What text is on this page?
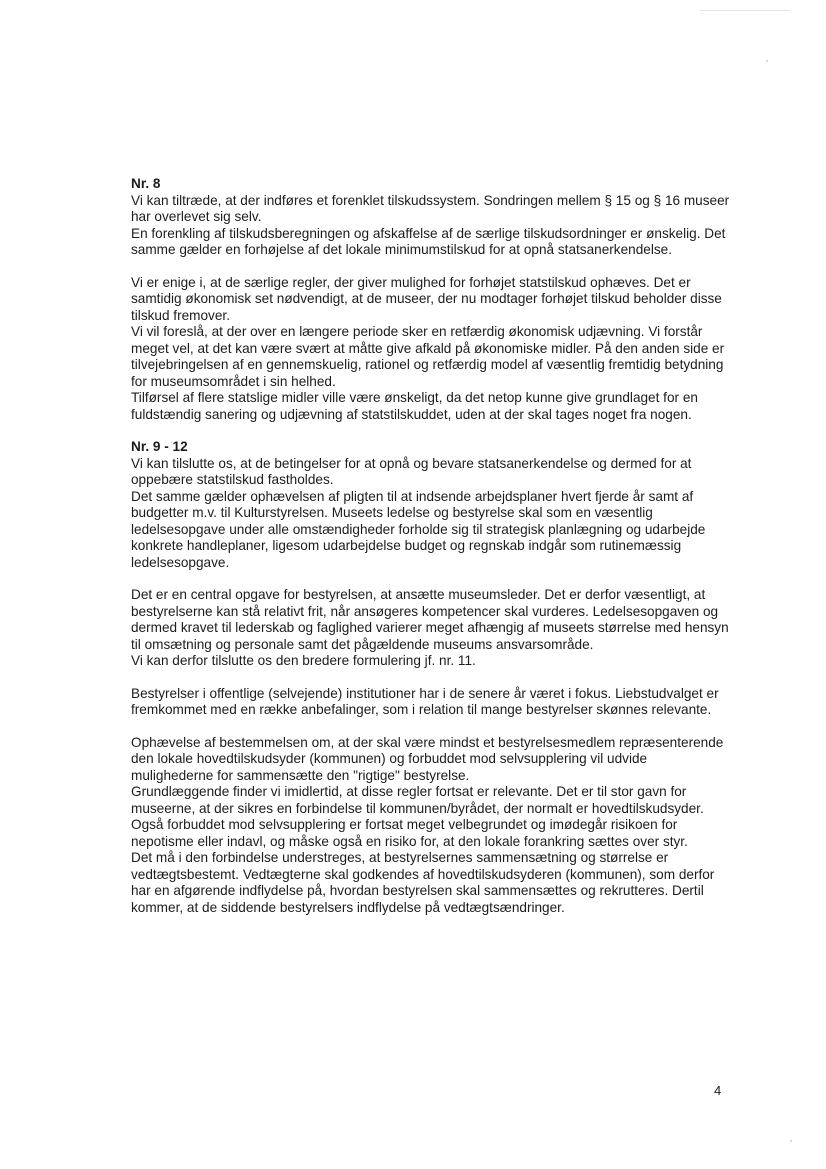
Nr. 8

Vi kan tiltræde, at der indføres et forenklet tilskudssystem. Sondringen mellem § 15 og § 16 museer har overlevet sig selv.

En forenkling af tilskudsberegningen og afskaffelse af de særlige tilskudsordninger er ønskelig. Det samme gælder en forhøjelse af det lokale minimumstilskud for at opnå statsanerkendelse.

Vi er enige i, at de særlige regler, der giver mulighed for forhøjet statstilskud ophæves. Det er samtidig økonomisk set nødvendigt, at de museer, der nu modtager forhøjet tilskud beholder disse tilskud fremover.

Vi vil foreslå, at der over en længere periode sker en retfærdig økonomisk udjævning. Vi forstår meget vel, at det kan være svært at måtte give afkald på økonomiske midler. På den anden side er tilvejebringelsen af en gennemskuelig, rationel og retfærdig model af væsentlig fremtidig betydning for museumsområdet i sin helhed.

Tilførsel af flere statslige midler ville være ønskeligt, da det netop kunne give grundlaget for en fuldstændig sanering og udjævning af statstilskuddet, uden at der skal tages noget fra nogen.

Nr. 9 - 12

Vi kan tilslutte os, at de betingelser for at opnå og bevare statsanerkendelse og dermed for at oppebære statstilskud fastholdes.

Det samme gælder ophævelsen af pligten til at indsende arbejdsplaner hvert fjerde år samt af budgetter m.v. til Kulturstyrelsen. Museets ledelse og bestyrelse skal som en væsentlig ledelsesopgave under alle omstændigheder forholde sig til strategisk planlægning og udarbejde konkrete handleplaner, ligesom udarbejdelse budget og regnskab indgår som rutinemæssig ledelsesopgave.

Det er en central opgave for bestyrelsen, at ansætte museumsleder. Det er derfor væsentligt, at bestyrelserne kan stå relativt frit, når ansøgeres kompetencer skal vurderes. Ledelsesopgaven og dermed kravet til lederskab og faglighed varierer meget afhængig af museets størrelse med hensyn til omsætning og personale samt det pågældende museums ansvarsområde.

Vi kan derfor tilslutte os den bredere formulering jf. nr. 11.

Bestyrelser i offentlige (selvejende) institutioner har i de senere år været i fokus. Liebstudvalget er fremkommet med en række anbefalinger, som i relation til mange bestyrelser skønnes relevante.

Ophævelse af bestemmelsen om, at der skal være mindst et bestyrelsesmedlem repræsenterende den lokale hovedtilskudsyder (kommunen) og forbuddet mod selvsupplering vil udvide mulighederne for sammensætte den "rigtige" bestyrelse.

Grundlæggende finder vi imidlertid, at disse regler fortsat er relevante. Det er til stor gavn for museerne, at der sikres en forbindelse til kommunen/byrådet, der normalt er hovedtilskudsyder. Også forbuddet mod selvsupplering er fortsat meget velbegrundet og imødegår risikoen for nepotisme eller indavl, og måske også en risiko for, at den lokale forankring sættes over styr.

Det må i den forbindelse understreges, at bestyrelsernes sammensætning og størrelse er vedtægtsbestemt. Vedtægterne skal godkendes af hovedtilskudsyderen (kommunen), som derfor har en afgørende indflydelse på, hvordan bestyrelsen skal sammensættes og rekrutteres. Dertil kommer, at de siddende bestyrelsers indflydelse på vedtægtsændringer.

4
